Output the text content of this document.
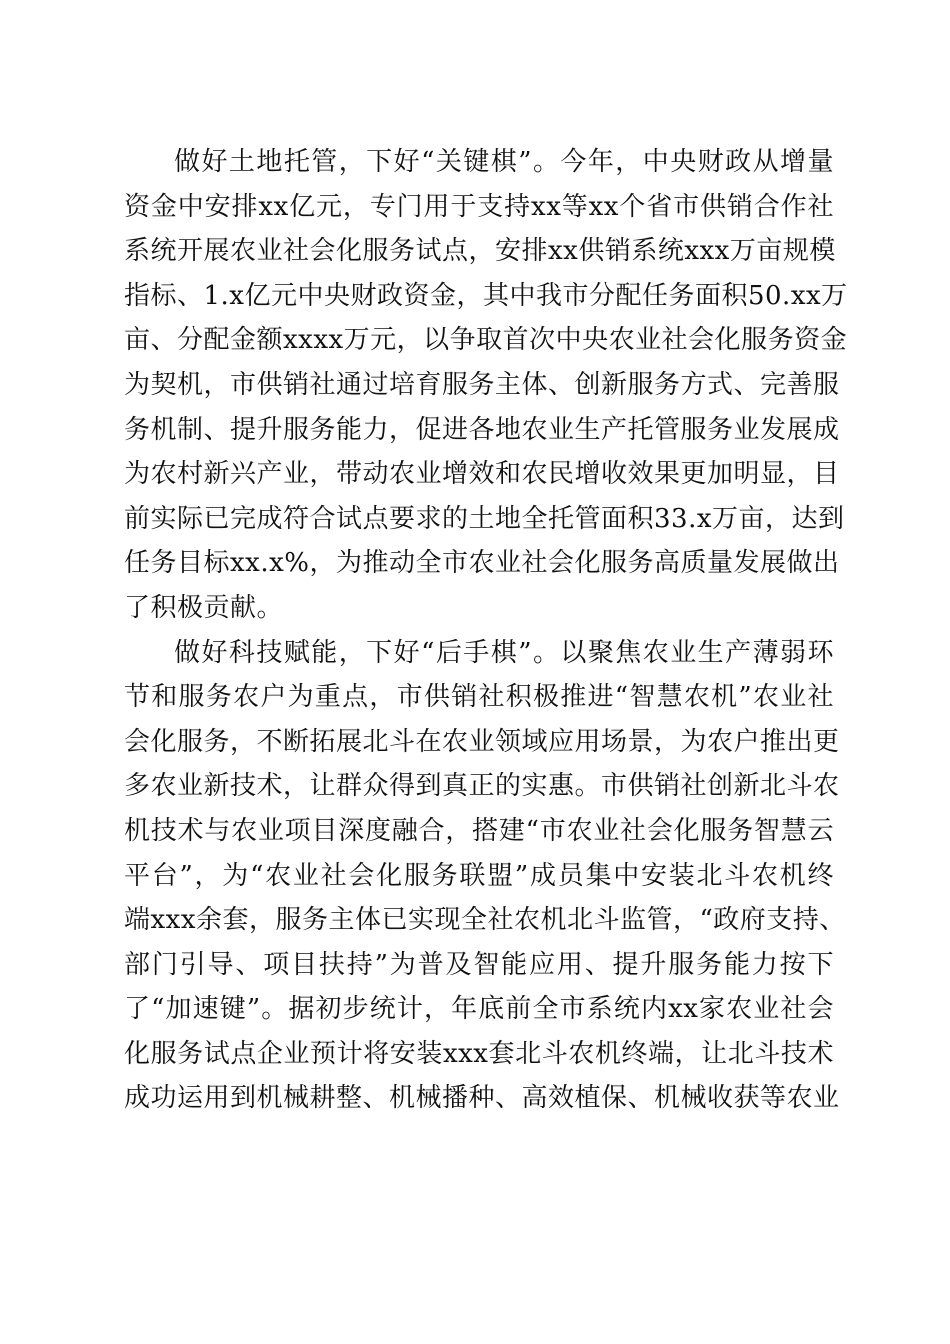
做好土地托管，下好“关键棋”。今年，中央财政从增量
资金中安排xx亿元，专门用于支持xx等xx个省市供销合作社
系统开展农业社会化服务试点，安排xx供销系统xxx万亩规模
指标、1.x亿元中央财政资金，其中我市分配任务面积50.xx万
亩、分配金额xxxx万元，以争取首次中央农业社会化服务资金
为契机，市供销社通过培育服务主体、创新服务方式、完善服
务机制、提升服务能力，促进各地农业生产托管服务业发展成
为农村新兴产业，带动农业增效和农民增收效果更加明显，目
前实际已完成符合试点要求的土地全托管面积33.x万亩，达到
任务目标xx.x%，为推动全市农业社会化服务高质量发展做出
了积极贡献。
做好科技赋能，下好“后手棋”。以聚焦农业生产薄弱环
节和服务农户为重点，市供销社积极推进“智慧农机”农业社
会化服务，不断拓展北斗在农业领域应用场景，为农户推出更
多农业新技术，让群众得到真正的实惠。市供销社创新北斗农
机技术与农业项目深度融合，搭建“市农业社会化服务智慧云
平台”，为“农业社会化服务联盟”成员集中安装北斗农机终
端xxx余套，服务主体已实现全社农机北斗监管，“政府支持、
部门引导、项目扶持”为普及智能应用、提升服务能力按下
了“加速键”。据初步统计，年底前全市系统内xx家农业社会
化服务试点企业预计将安装xxx套北斗农机终端，让北斗技术
成功运用到机械耕整、机械播种、高效植保、机械收获等农业
